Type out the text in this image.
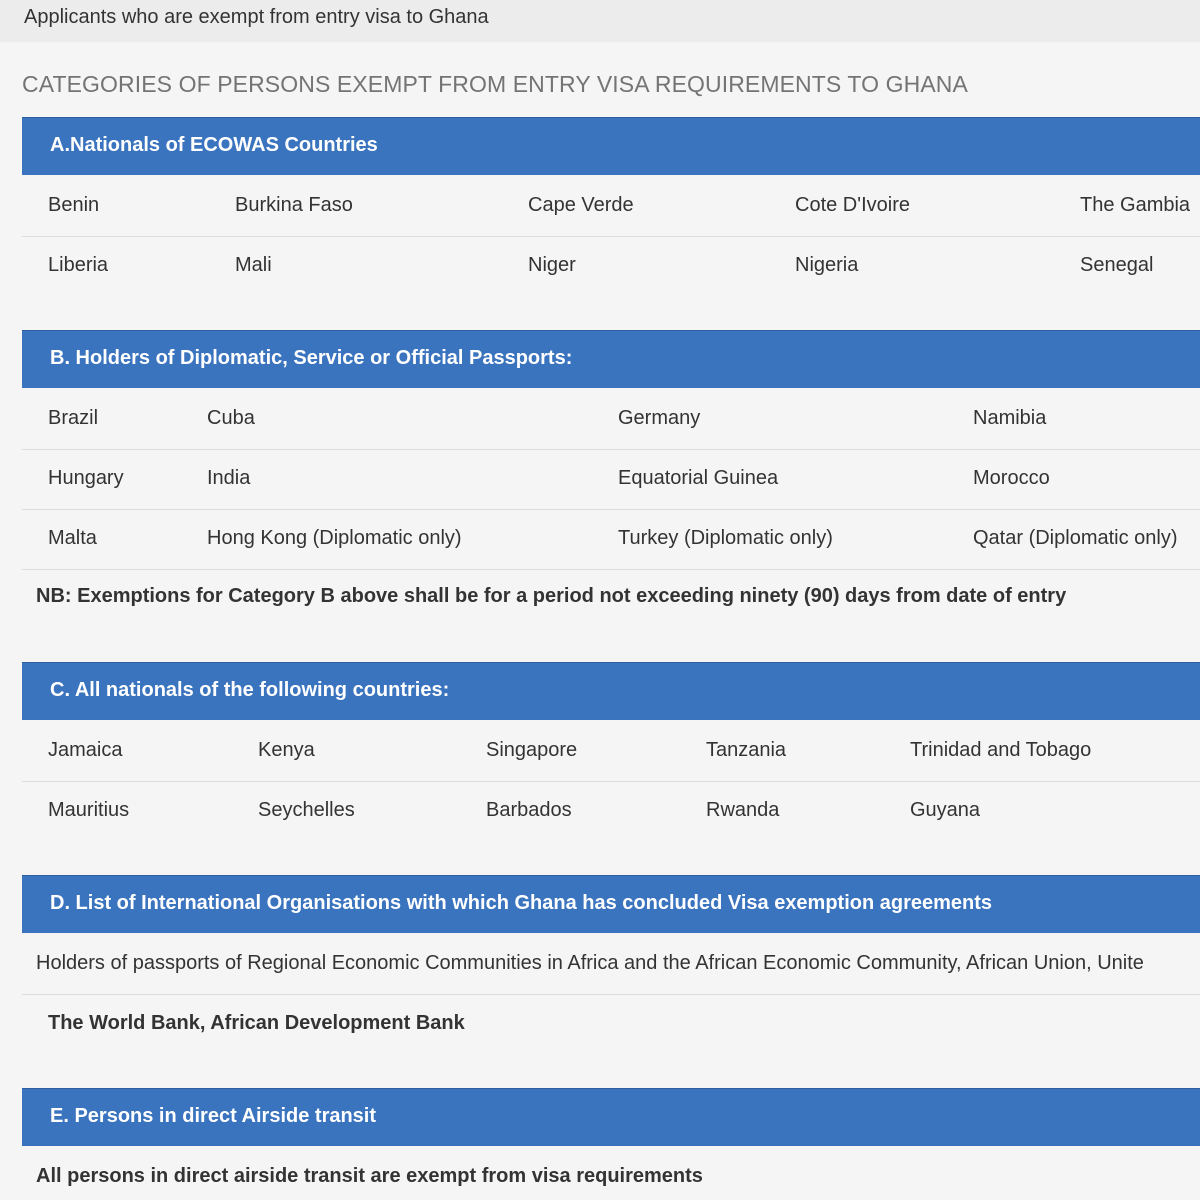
Applicants who are exempt from entry visa to Ghana
CATEGORIES OF PERSONS EXEMPT FROM ENTRY VISA REQUIREMENTS TO GHANA
A.Nationals of ECOWAS Countries
Benin	Burkina Faso	Cape Verde	Cote D'Ivoire	The Gambia
Liberia	Mali	Niger	Nigeria	Senegal
B. Holders of Diplomatic, Service or Official Passports:
Brazil	Cuba	Germany	Namibia
Hungary	India	Equatorial Guinea	Morocco
Malta	Hong Kong (Diplomatic only)	Turkey (Diplomatic only)	Qatar (Diplomatic only)
NB: Exemptions for Category B above shall be for a period not exceeding ninety (90) days from date of entry
C. All nationals of the following countries:
Jamaica	Kenya	Singapore	Tanzania	Trinidad and Tobago
Mauritius	Seychelles	Barbados	Rwanda	Guyana
D. List of International Organisations with which Ghana has concluded Visa exemption agreements
Holders of passports of Regional Economic Communities in Africa and the African Economic Community, African Union, Unite
The World Bank, African Development Bank
E. Persons in direct Airside transit
All persons in direct airside transit are exempt from visa requirements
